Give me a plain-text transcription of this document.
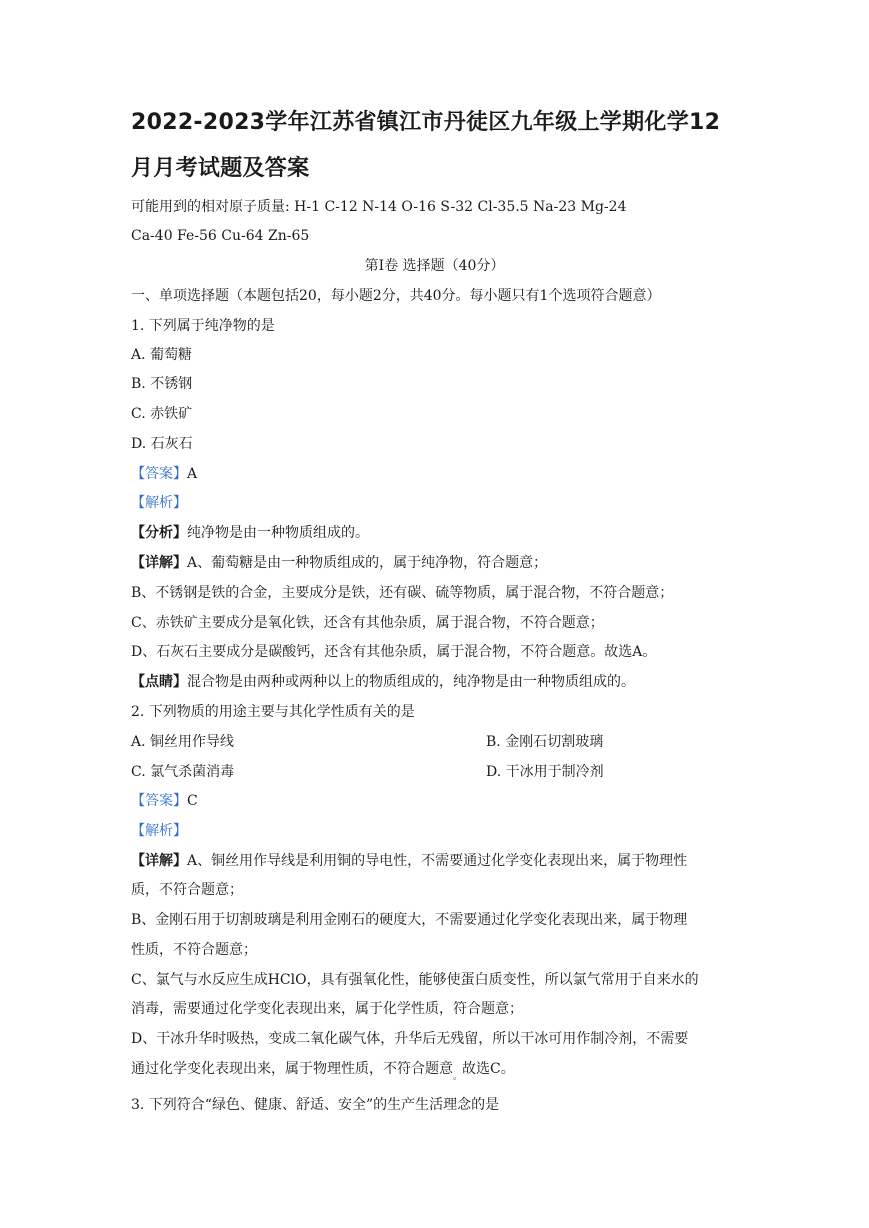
2022-2023学年江苏省镇江市丹徒区九年级上学期化学12月月考试题及答案
可能用到的相对原子质量: H-1 C-12 N-14 O-16 S-32 Cl-35.5 Na-23 Mg-24
Ca-40 Fe-56 Cu-64 Zn-65
第Ⅰ卷 选择题（40分）
一、单项选择题（本题包括20，每小题2分，共40分。每小题只有1个选项符合题意）
1. 下列属于纯净物的是
A. 葡萄糖
B. 不锈钢
C. 赤铁矿
D. 石灰石
【答案】A
【解析】
【分析】纯净物是由一种物质组成的。
【详解】A、葡萄糖是由一种物质组成的，属于纯净物，符合题意；
B、不锈钢是铁的合金，主要成分是铁，还有碳、硫等物质，属于混合物，不符合题意；
C、赤铁矿主要成分是氧化铁，还含有其他杂质，属于混合物，不符合题意；
D、石灰石主要成分是碳酸钙，还含有其他杂质，属于混合物，不符合题意。故选A。
【点睛】混合物是由两种或两种以上的物质组成的，纯净物是由一种物质组成的。
2. 下列物质的用途主要与其化学性质有关的是
A. 铜丝用作导线	B. 金刚石切割玻璃
C. 氯气杀菌消毒	D. 干冰用于制冷剂
【答案】C
【解析】
【详解】A、铜丝用作导线是利用铜的导电性，不需要通过化学变化表现出来，属于物理性
质，不符合题意；
B、金刚石用于切割玻璃是利用金刚石的硬度大，不需要通过化学变化表现出来，属于物理
性质，不符合题意；
C、氯气与水反应生成HClO，具有强氧化性，能够使蛋白质变性，所以氯气常用于自来水的
消毒，需要通过化学变化表现出来，属于化学性质，符合题意；
D、干冰升华时吸热，变成二氧化碳气体，升华后无残留，所以干冰可用作制冷剂，不需要
通过化学变化表现出来，属于物理性质，不符合题意$_。$故选C。
3. 下列符合“绿色、健康、舒适、安全”的生产生活理念的是
